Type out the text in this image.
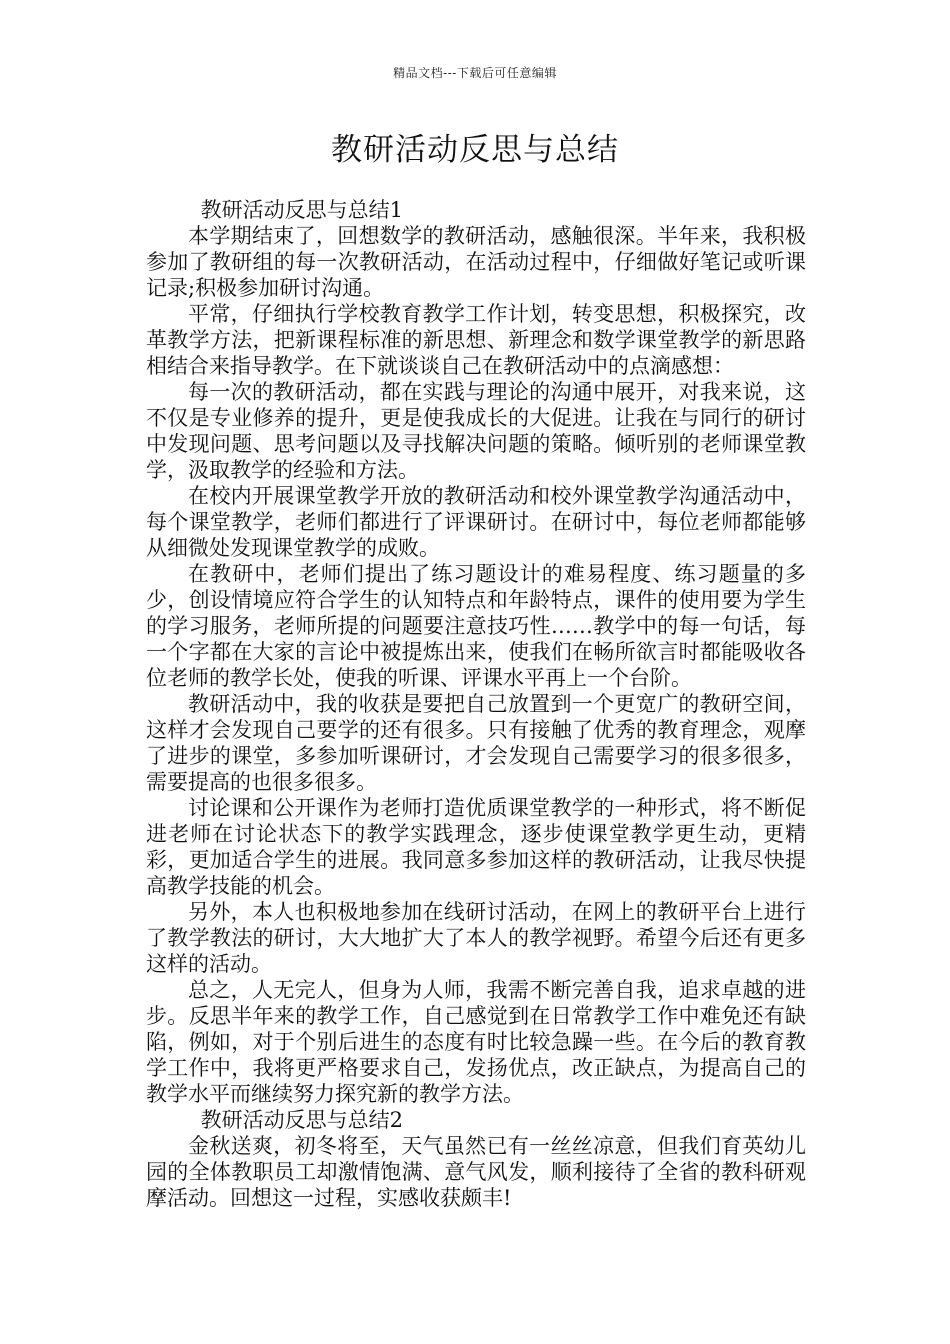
精品文档---下载后可任意编辑
教研活动反思与总结

教研活动反思与总结1

本学期结束了，回想数学的教研活动，感触很深。半年来，我积极参加了教研组的每一次教研活动，在活动过程中，仔细做好笔记或听课记录;积极参加研讨沟通。

平常，仔细执行学校教育教学工作计划，转变思想，积极探究，改革教学方法，把新课程标准的新思想、新理念和数学课堂教学的新思路相结合来指导教学。在下就谈谈自己在教研活动中的点滴感想：

每一次的教研活动，都在实践与理论的沟通中展开，对我来说，这不仅是专业修养的提升，更是使我成长的大促进。让我在与同行的研讨中发现问题、思考问题以及寻找解决问题的策略。倾听别的老师课堂教学，汲取教学的经验和方法。

在校内开展课堂教学开放的教研活动和校外课堂教学沟通活动中，每个课堂教学，老师们都进行了评课研讨。在研讨中，每位老师都能够从细微处发现课堂教学的成败。

在教研中，老师们提出了练习题设计的难易程度、练习题量的多少，创设情境应符合学生的认知特点和年龄特点，课件的使用要为学生的学习服务，老师所提的问题要注意技巧性……教学中的每一句话，每一个字都在大家的言论中被提炼出来，使我们在畅所欲言时都能吸收各位老师的教学长处，使我的听课、评课水平再上一个台阶。

教研活动中，我的收获是要把自己放置到一个更宽广的教研空间，这样才会发现自己要学的还有很多。只有接触了优秀的教育理念，观摩了进步的课堂，多参加听课研讨，才会发现自己需要学习的很多很多，需要提高的也很多很多。

讨论课和公开课作为老师打造优质课堂教学的一种形式，将不断促进老师在讨论状态下的教学实践理念，逐步使课堂教学更生动，更精彩，更加适合学生的进展。我同意多参加这样的教研活动，让我尽快提高教学技能的机会。

另外，本人也积极地参加在线研讨活动，在网上的教研平台上进行了教学教法的研讨，大大地扩大了本人的教学视野。希望今后还有更多这样的活动。

总之，人无完人，但身为人师，我需不断完善自我，追求卓越的进步。反思半年来的教学工作，自己感觉到在日常教学工作中难免还有缺陷，例如，对于个别后进生的态度有时比较急躁一些。在今后的教育教学工作中，我将更严格要求自己，发扬优点，改正缺点，为提高自己的教学水平而继续努力探究新的教学方法。

教研活动反思与总结2

金秋送爽，初冬将至，天气虽然已有一丝丝凉意，但我们育英幼儿园的全体教职员工却激情饱满、意气风发，顺利接待了全省的教科研观摩活动。回想这一过程，实感收获颇丰!
